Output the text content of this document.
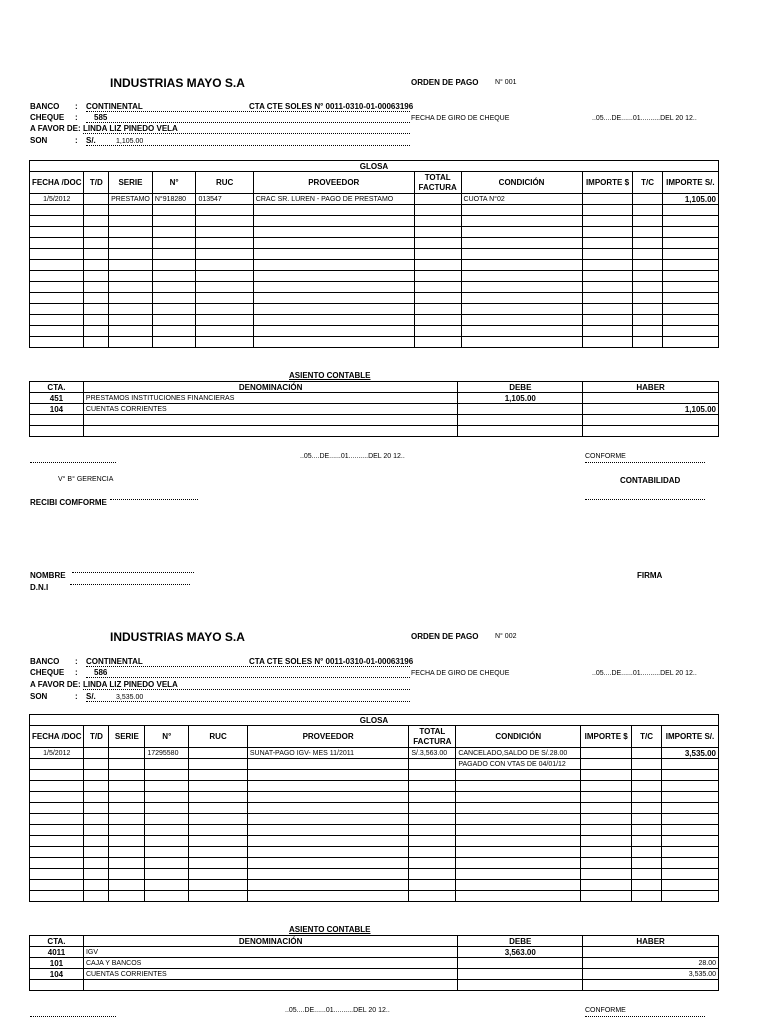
INDUSTRIAS MAYO S.A	ORDEN DE PAGO N° 001
BANCO : CONTINENTAL	CTA CTE SOLES N° 0011-0310-01-00063196
CHEQUE :	585	FECHA DE GIRO DE CHEQUE	..05....DE......01..........DEL 20 12..
A FAVOR DE: LINDA LIZ PINEDO VELA
SON	: S/.	1,105.00
GLOSA										
FECHA /DOC	T/D	SERIE	N°	RUC	PROVEEDOR	TOTAL FACTURA	CONDICIÓN	IMPORTE $	T/C	IMPORTE S/.
1/5/2012		PRESTAMO	N°918280	013547	CRAC SR. LUREN - PAGO DE PRESTAMO		CUOTA N°02			1,105.00

ASIENTO CONTABLE
CTA.	DENOMINACIÓN	DEBE	HABER
451	PRESTAMOS INSTITUCIONES FINANCIERAS	1,105.00	
104	CUENTAS CORRIENTES		1,105.00

..05....DE......01..........DEL 20 12..	CONFORME
V° B° GERENCIA	CONTABILIDAD
RECIBI COMFORME
NOMBRE	FIRMA
D.N.I
INDUSTRIAS MAYO S.A	ORDEN DE PAGO N° 002
BANCO : CONTINENTAL	CTA CTE SOLES N° 0011-0310-01-00063196
CHEQUE :	586	FECHA DE GIRO DE CHEQUE	..05....DE......01..........DEL 20 12..
A FAVOR DE: LINDA LIZ PINEDO VELA
SON	: S/.	3,535.00
GLOSA										
FECHA /DOC	T/D	SERIE	N°	RUC	PROVEEDOR	TOTAL FACTURA	CONDICIÓN	IMPORTE $	T/C	IMPORTE S/.
1/5/2012			17295580		SUNAT-PAGO IGV- MES 11/2011	S/.3,563.00	CANCELADO,SALDO DE S/.28.00			3,535.00
							PAGADO CON VTAS DE 04/01/12			

ASIENTO CONTABLE
CTA.	DENOMINACIÓN	DEBE	HABER
4011	IGV	3,563.00	
101	CAJA Y BANCOS		28.00
104	CUENTAS CORRIENTES		3,535.00

..05....DE......01..........DEL 20 12..	CONFORME
